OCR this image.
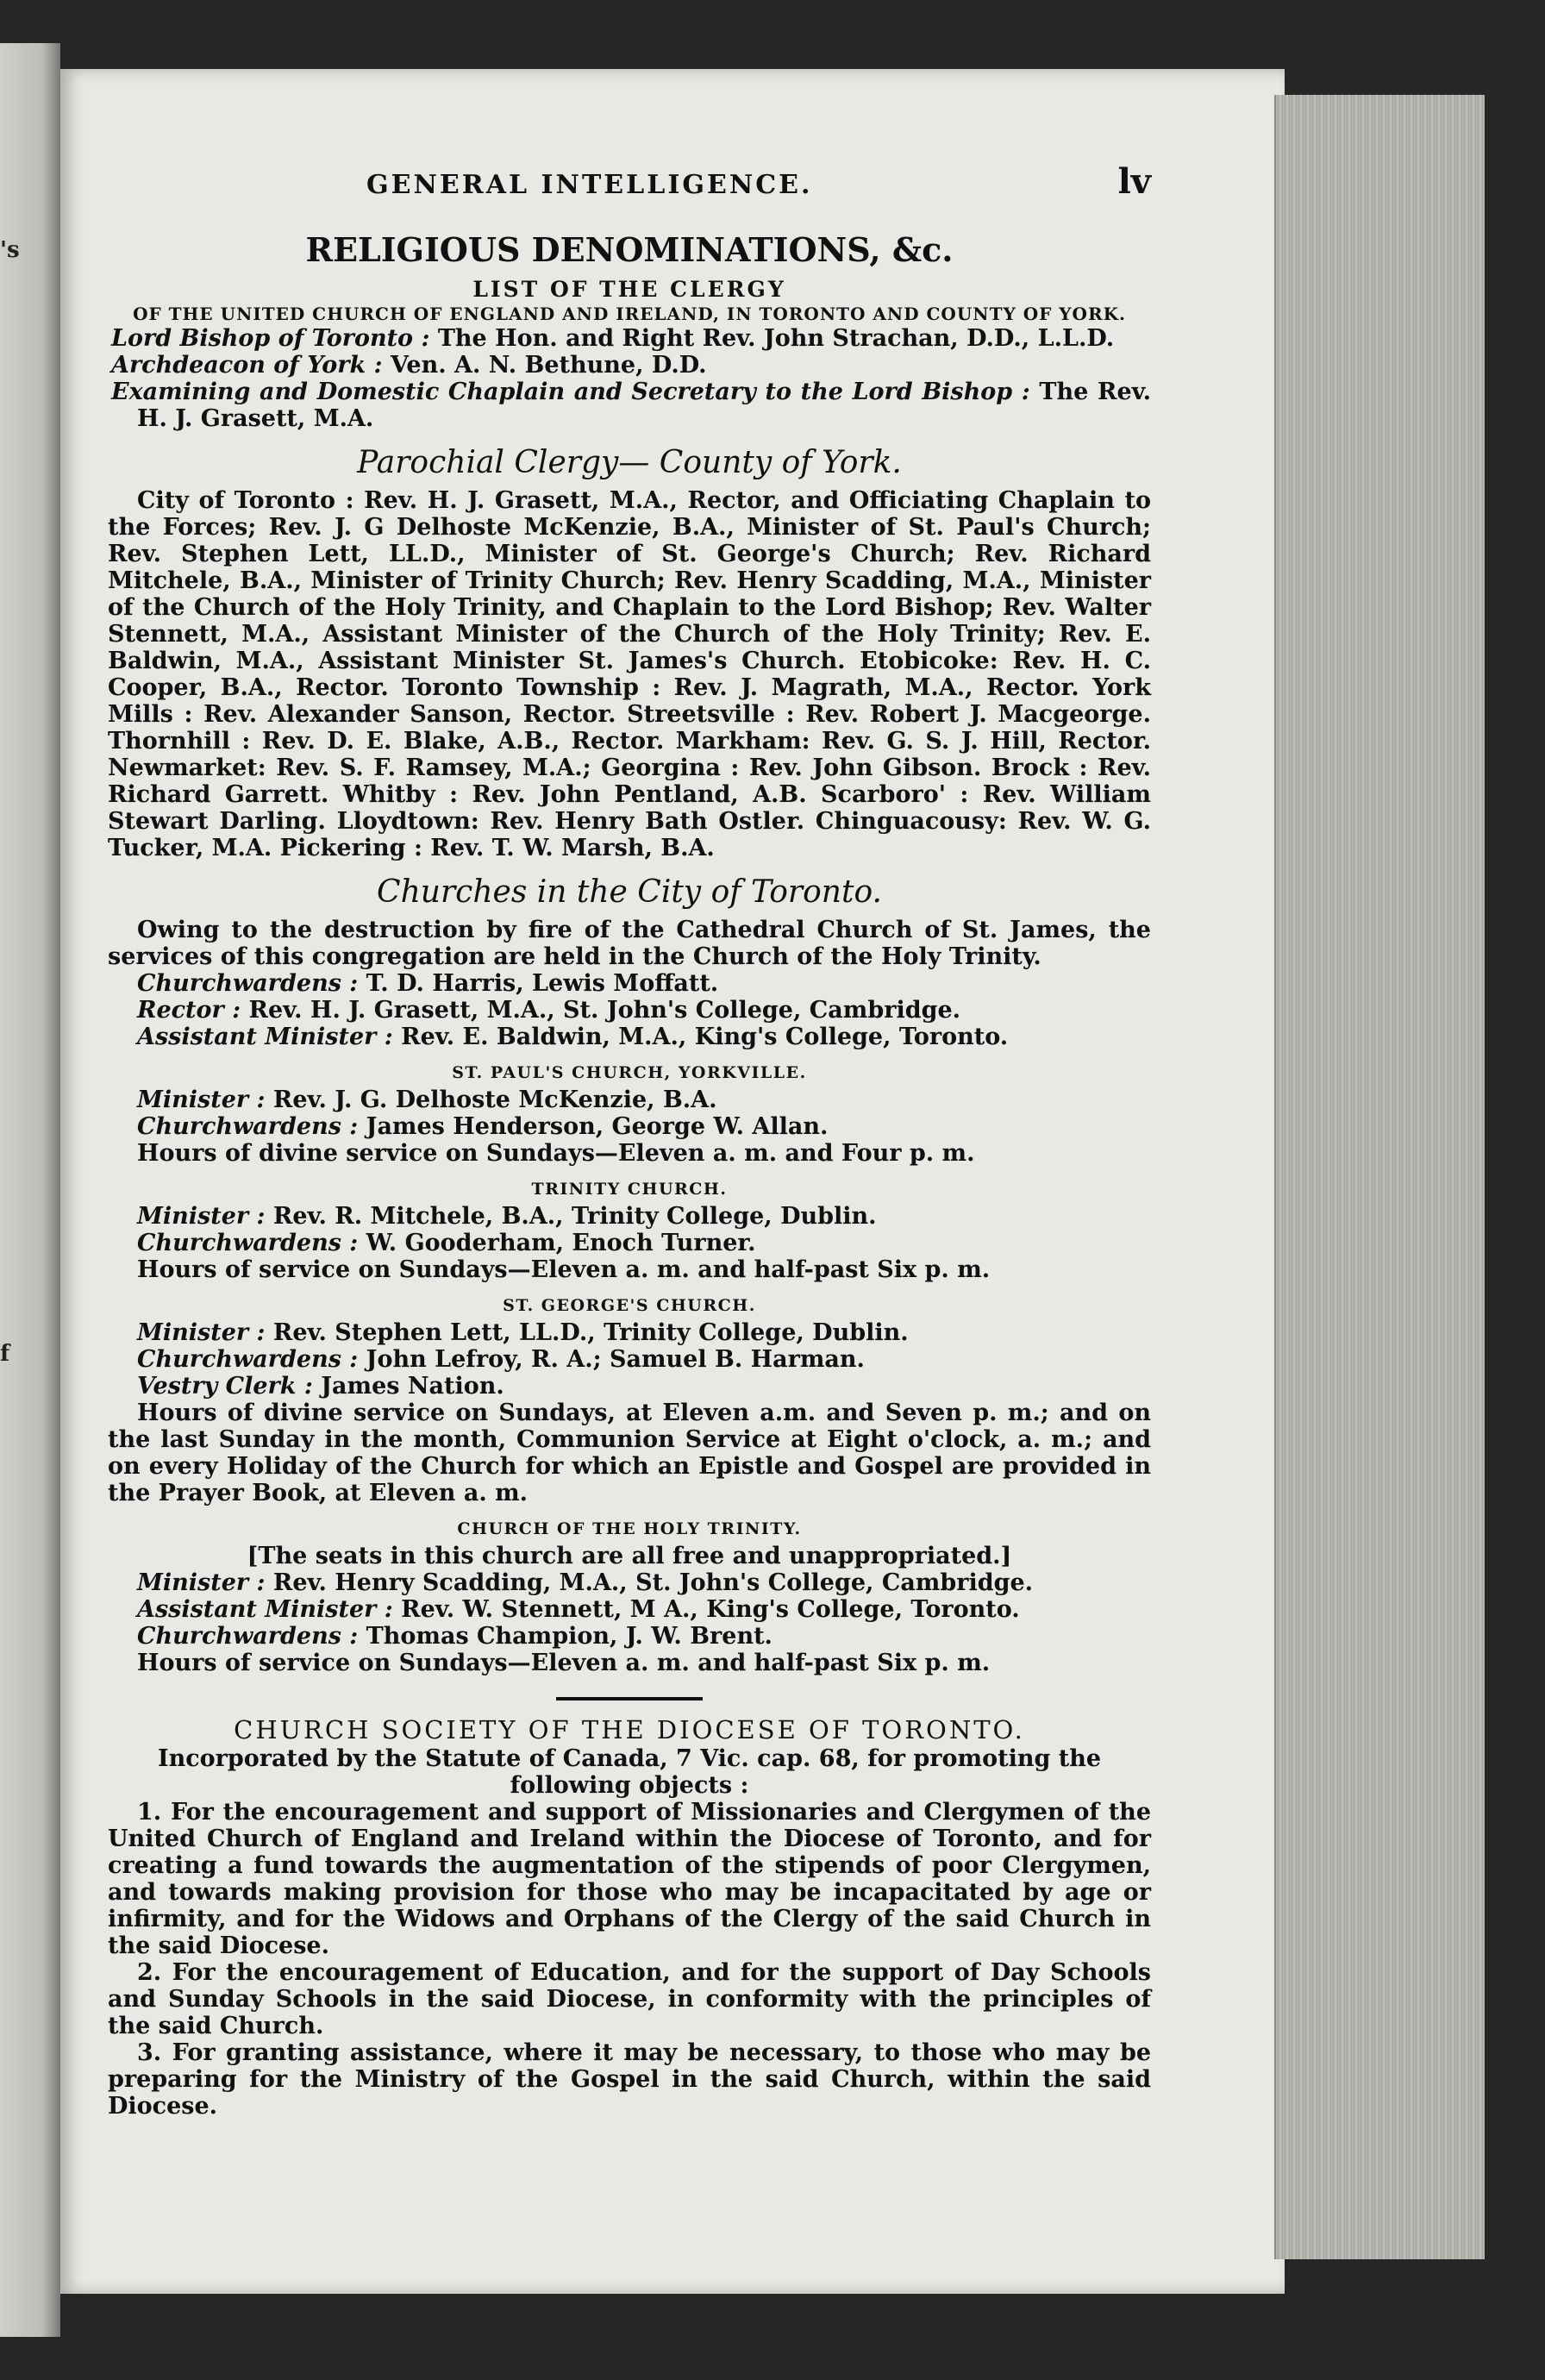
's
f
GENERAL INTELLIGENCE.	lv
RELIGIOUS DENOMINATIONS, &c.
LIST OF THE CLERGY
OF THE UNITED CHURCH OF ENGLAND AND IRELAND, IN TORONTO AND COUNTY OF YORK.

Lord Bishop of Toronto : The Hon. and Right Rev. John Strachan, D.D., L.L.D.

Archdeacon of York : Ven. A. N. Bethune, D.D.

Examining and Domestic Chaplain and Secretary to the Lord Bishop : The Rev. H. J. Grasett, M.A.

Parochial Clergy— County of York.

City of Toronto : Rev. H. J. Grasett, M.A., Rector, and Officiating Chaplain to the Forces; Rev. J. G Delhoste McKenzie, B.A., Minister of St. Paul's Church; Rev. Stephen Lett, LL.D., Minister of St. George's Church; Rev. Richard Mitchele, B.A., Minister of Trinity Church; Rev. Henry Scadding, M.A., Minister of the Church of the Holy Trinity, and Chaplain to the Lord Bishop; Rev. Walter Stennett, M.A., Assistant Minister of the Church of the Holy Trinity; Rev. E. Baldwin, M.A., Assistant Minister St. James's Church. Etobicoke: Rev. H. C. Cooper, B.A., Rector. Toronto Township : Rev. J. Magrath, M.A., Rector. York Mills : Rev. Alexander Sanson, Rector. Streetsville : Rev. Robert J. Macgeorge. Thornhill : Rev. D. E. Blake, A.B., Rector. Markham: Rev. G. S. J. Hill, Rector. Newmarket: Rev. S. F. Ramsey, M.A.; Georgina : Rev. John Gibson. Brock : Rev. Richard Garrett. Whitby : Rev. John Pentland, A.B. Scarboro' : Rev. William Stewart Darling. Lloydtown: Rev. Henry Bath Ostler. Chinguacousy: Rev. W. G. Tucker, M.A. Pickering : Rev. T. W. Marsh, B.A.

Churches in the City of Toronto.

Owing to the destruction by fire of the Cathedral Church of St. James, the services of this congregation are held in the Church of the Holy Trinity.

Churchwardens : T. D. Harris, Lewis Moffatt.

Rector : Rev. H. J. Grasett, M.A., St. John's College, Cambridge.

Assistant Minister : Rev. E. Baldwin, M.A., King's College, Toronto.

ST. PAUL'S CHURCH, YORKVILLE.

Minister : Rev. J. G. Delhoste McKenzie, B.A.

Churchwardens : James Henderson, George W. Allan.

Hours of divine service on Sundays—Eleven a. m. and Four p. m.

TRINITY CHURCH.

Minister : Rev. R. Mitchele, B.A., Trinity College, Dublin.

Churchwardens : W. Gooderham, Enoch Turner.

Hours of service on Sundays—Eleven a. m. and half-past Six p. m.

ST. GEORGE'S CHURCH.

Minister : Rev. Stephen Lett, LL.D., Trinity College, Dublin.

Churchwardens : John Lefroy, R. A.; Samuel B. Harman.

Vestry Clerk : James Nation.

Hours of divine service on Sundays, at Eleven a.m. and Seven p. m.; and on the last Sunday in the month, Communion Service at Eight o'clock, a. m.; and on every Holiday of the Church for which an Epistle and Gospel are provided in the Prayer Book, at Eleven a. m.

CHURCH OF THE HOLY TRINITY.

[The seats in this church are all free and unappropriated.]

Minister : Rev. Henry Scadding, M.A., St. John's College, Cambridge.

Assistant Minister : Rev. W. Stennett, M A., King's College, Toronto.

Churchwardens : Thomas Champion, J. W. Brent.

Hours of service on Sundays—Eleven a. m. and half-past Six p. m.

CHURCH SOCIETY OF THE DIOCESE OF TORONTO.

Incorporated by the Statute of Canada, 7 Vic. cap. 68, for promoting the following objects :

1. For the encouragement and support of Missionaries and Clergymen of the United Church of England and Ireland within the Diocese of Toronto, and for creating a fund towards the augmentation of the stipends of poor Clergymen, and towards making provision for those who may be incapacitated by age or infirmity, and for the Widows and Orphans of the Clergy of the said Church in the said Diocese.

2. For the encouragement of Education, and for the support of Day Schools and Sunday Schools in the said Diocese, in conformity with the principles of the said Church.

3. For granting assistance, where it may be necessary, to those who may be preparing for the Ministry of the Gospel in the said Church, within the said Diocese.
